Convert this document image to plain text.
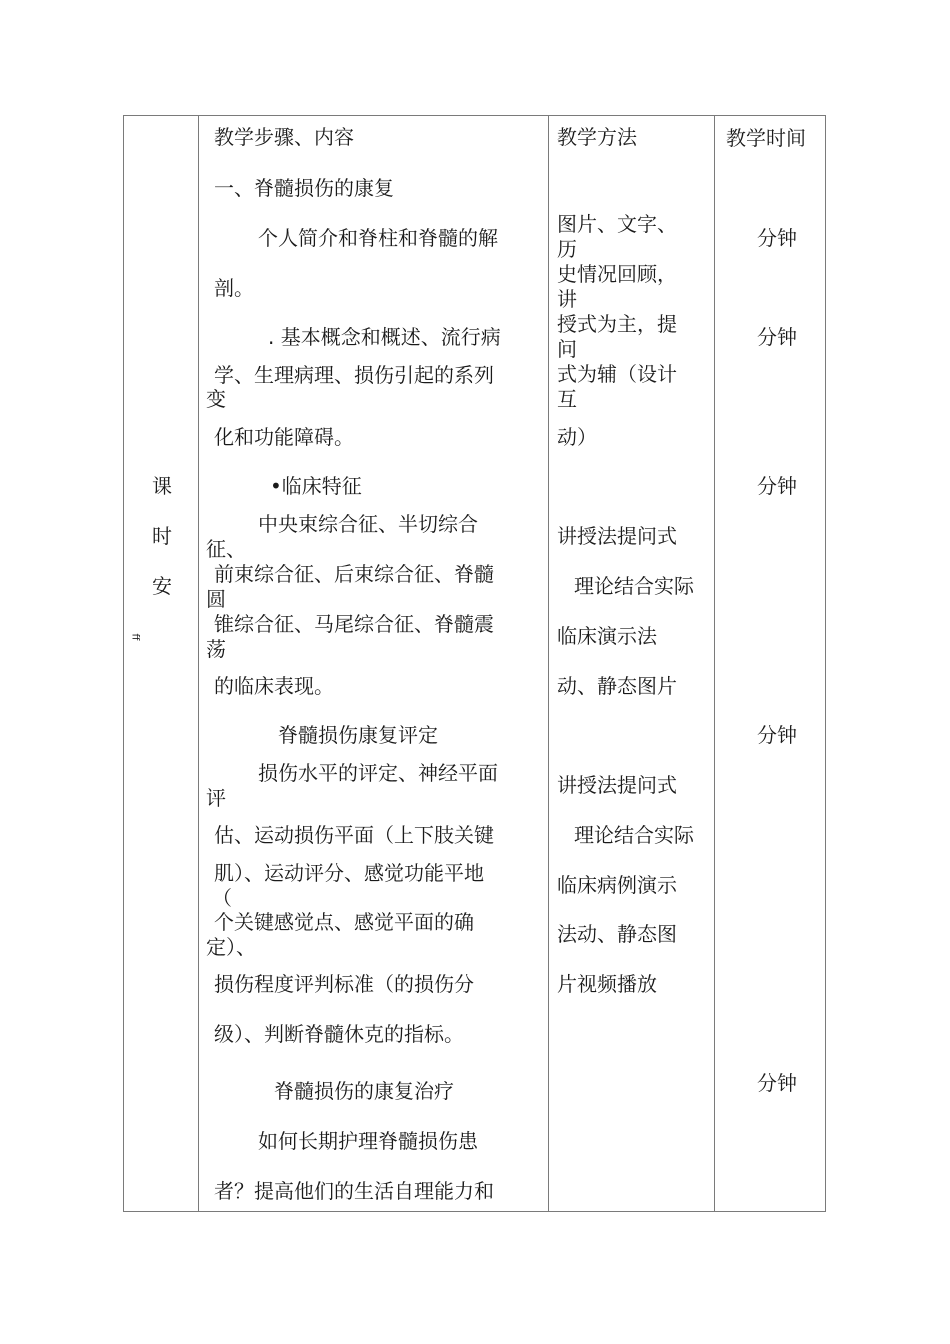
教学步骤、内容	教学方法	教学时间
课
时
安
ff
一、脊髓损伤的康复
个人简介和脊柱和脊髓的解
剖。
. 基本概念和概述、流行病
学、生理病理、损伤引起的系列
变
化和功能障碍。
•临床特征
中央束综合征、半切综合
征、
前束综合征、后束综合征、脊髓
圆
锥综合征、马尾综合征、脊髓震
荡
的临床表现。
脊髓损伤康复评定
损伤水平的评定、神经平面
评
估、运动损伤平面（上下肢关键
肌）、运动评分、感觉功能平地
（
个关键感觉点、感觉平面的确
定）、
损伤程度评判标准（的损伤分
级）、判断脊髓休克的指标。
脊髓损伤的康复治疗
如何长期护理脊髓损伤患
者？提高他们的生活自理能力和
图片、文字、
历
史情况回顾，
讲
授式为主，提
问
式为辅（设计
互
动）
讲授法提问式
理论结合实际
临床演示法
动、静态图片
讲授法提问式
理论结合实际
临床病例演示
法动、静态图
片视频播放
分钟
分钟
分钟
分钟
分钟
